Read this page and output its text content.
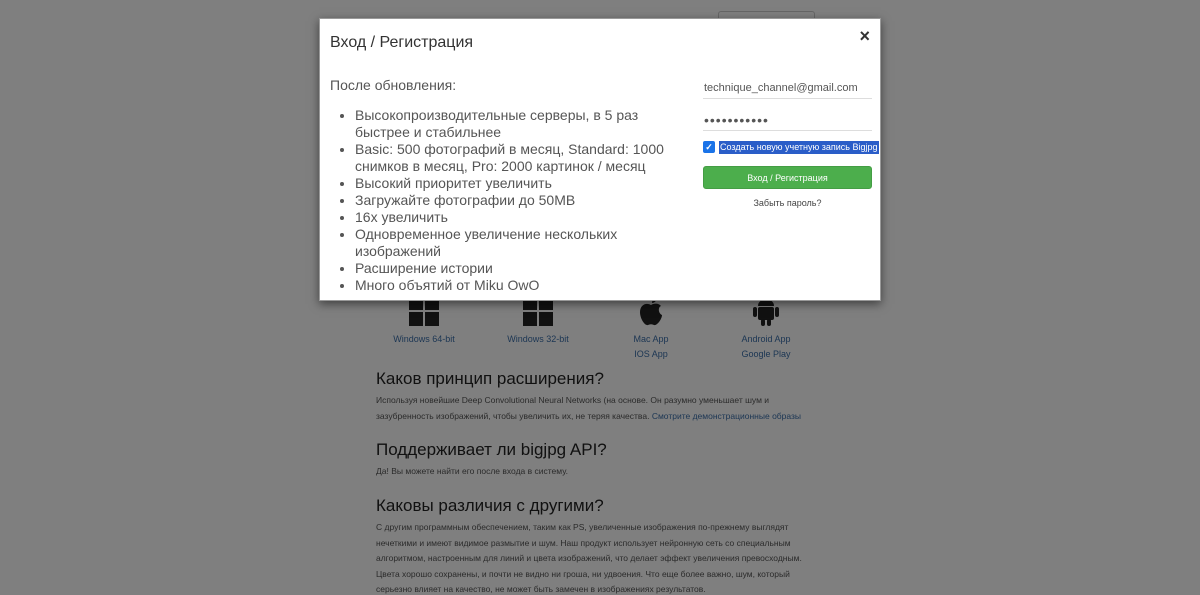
Вход / Регистрация	×
После обновления:
• Высокопроизводительные серверы, в 5 раз быстрее и стабильнее
• Basic: 500 фотографий в месяц, Standard: 1000 снимков в месяц, Pro: 2000 картинок / месяц
• Высокий приоритет увеличить
• Загружайте фотографии до 50MB
• 16x увеличить
• Одновременное увеличение нескольких изображений
• Расширение истории
• Много объятий от Miku OwO
technique_channel@gmail.com
•••••••••••
✓ Создать новую учетную запись Bigjpg
Вход / Регистрация
Забыть пароль?
